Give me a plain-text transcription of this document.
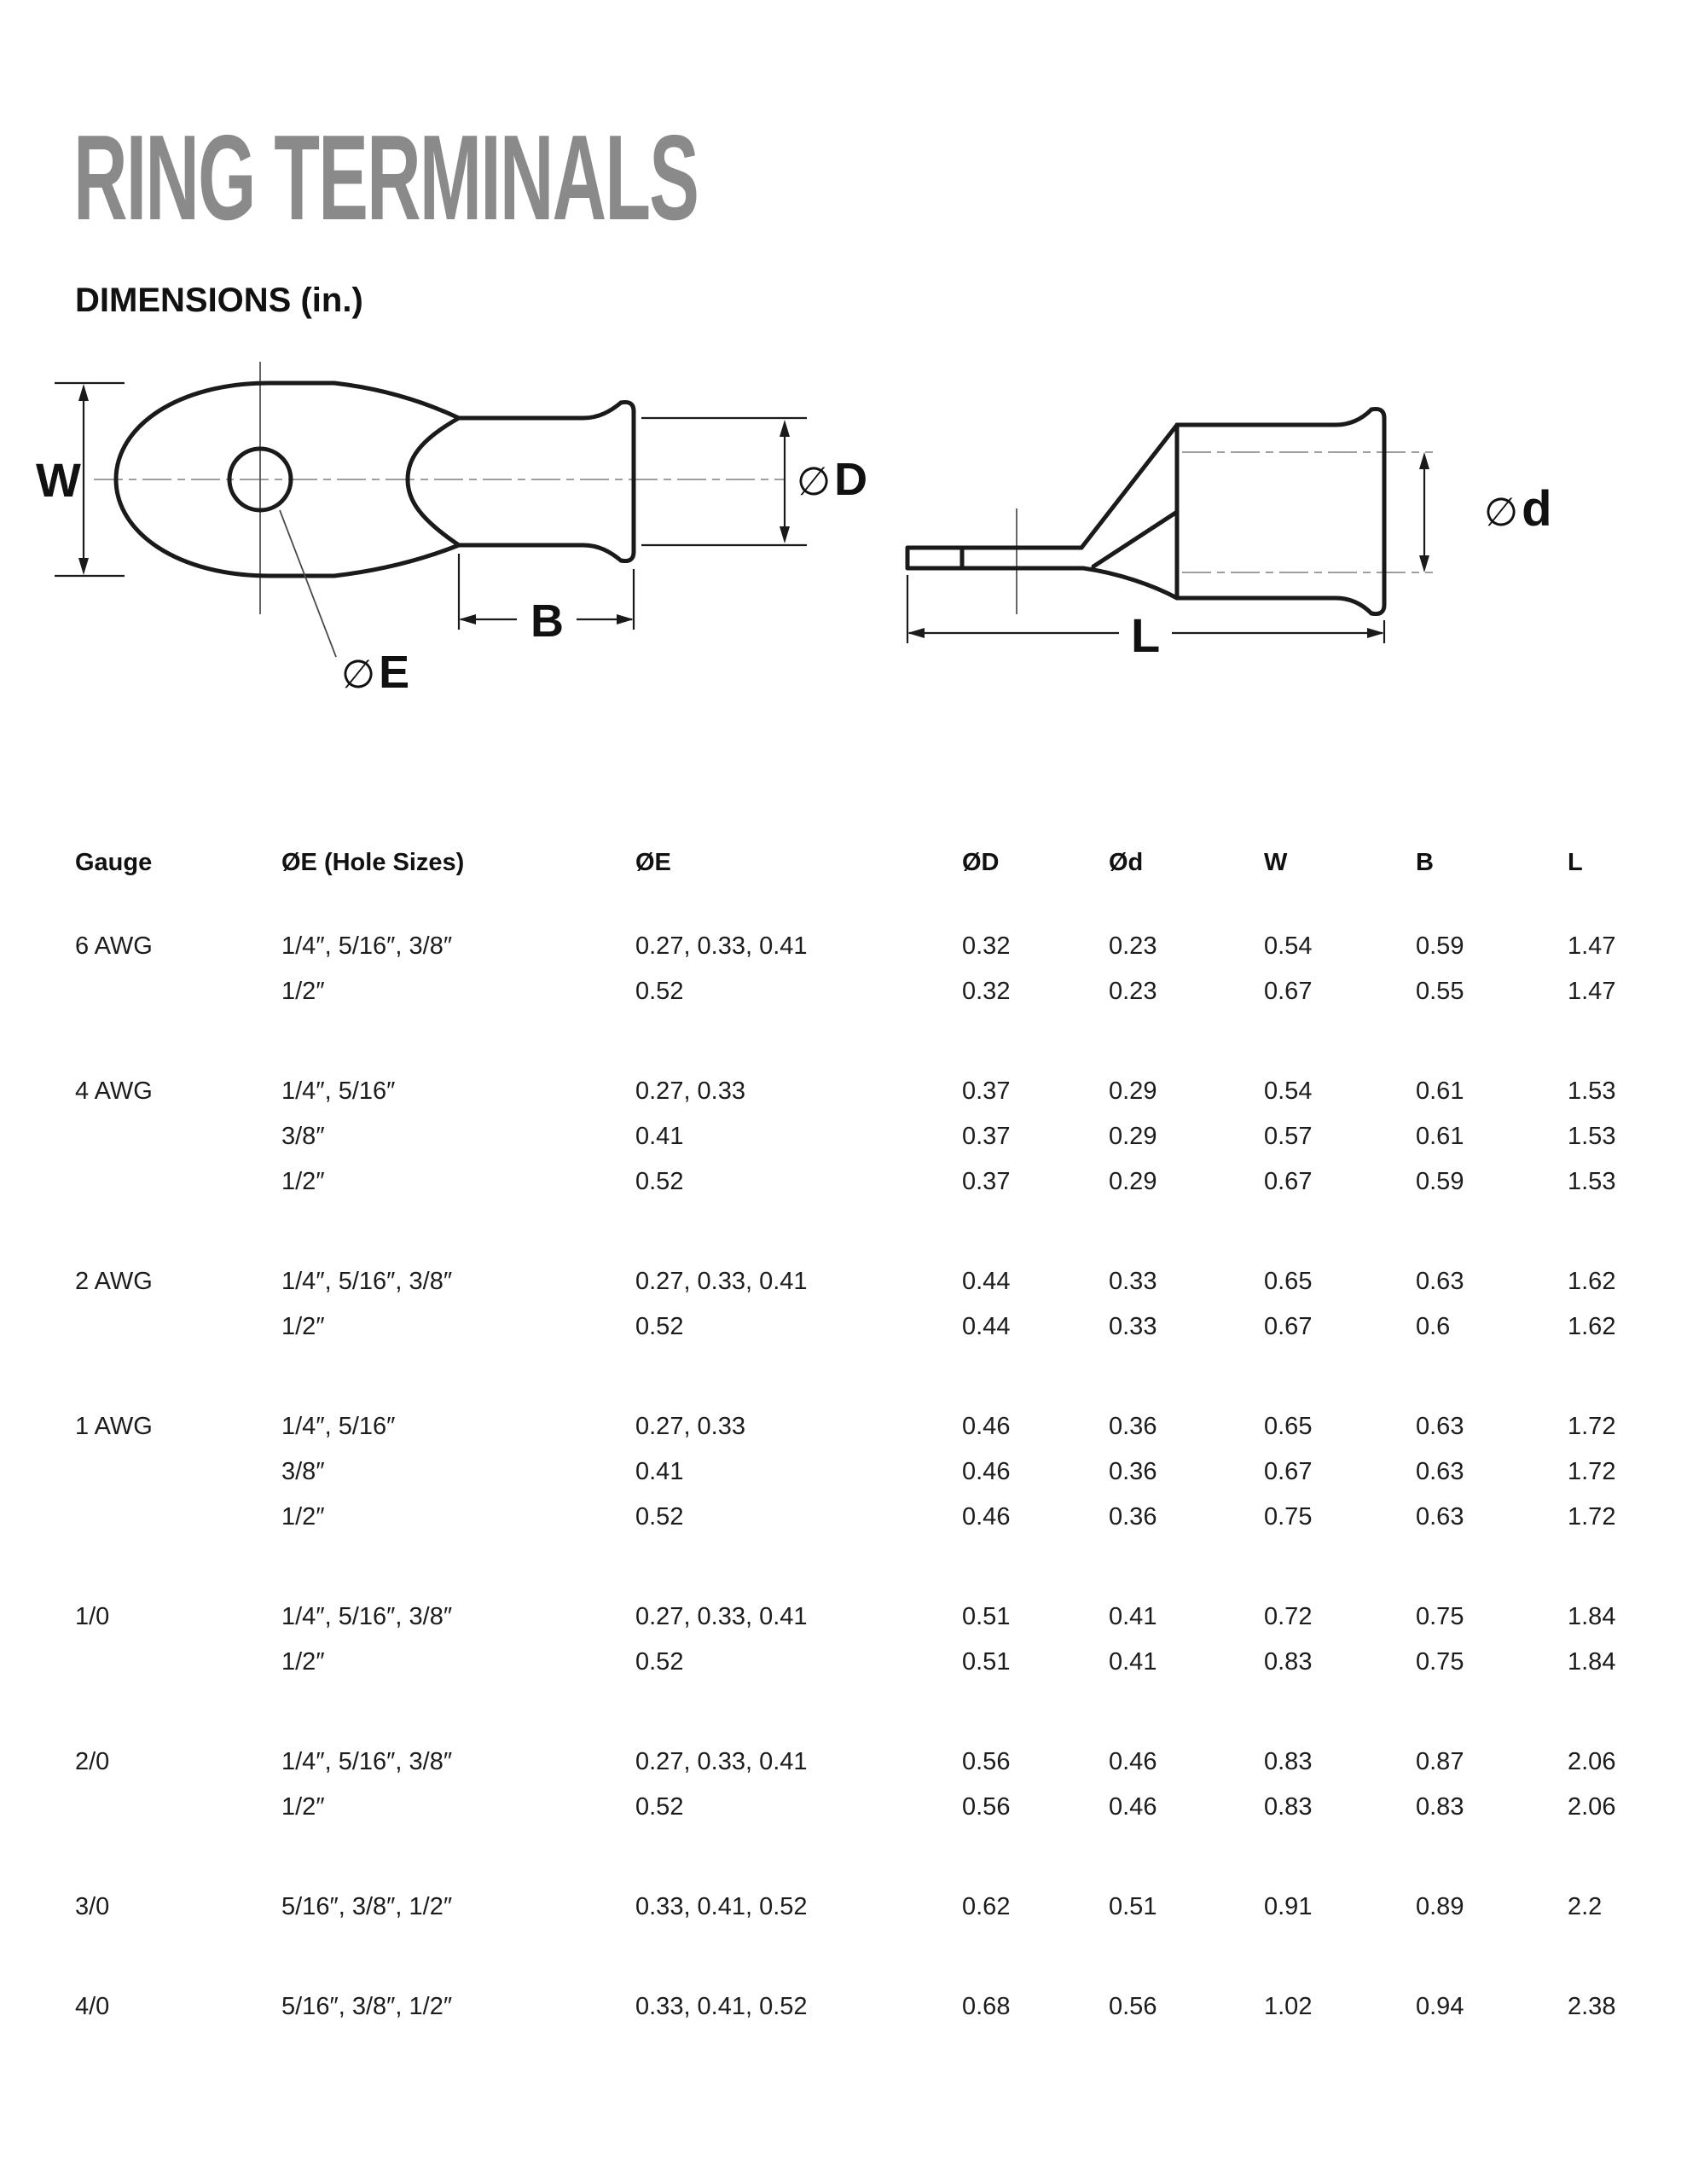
RING TERMINALS
DIMENSIONS (in.)
W	∅D
B
∅E
∅d
L
Gauge	ØE (Hole Sizes)	ØE	ØD	Ød	W	B	L
6 AWG	1/4″, 5/16″, 3/8″	0.27, 0.33, 0.41	0.32	0.23	0.54	0.59	1.47
1/2″	0.52	0.32	0.23	0.67	0.55	1.47
4 AWG	1/4″, 5/16″	0.27, 0.33	0.37	0.29	0.54	0.61	1.53
3/8″	0.41	0.37	0.29	0.57	0.61	1.53
1/2″	0.52	0.37	0.29	0.67	0.59	1.53
2 AWG	1/4″, 5/16″, 3/8″	0.27, 0.33, 0.41	0.44	0.33	0.65	0.63	1.62
1/2″	0.52	0.44	0.33	0.67	0.6	1.62
1 AWG	1/4″, 5/16″	0.27, 0.33	0.46	0.36	0.65	0.63	1.72
3/8″	0.41	0.46	0.36	0.67	0.63	1.72
1/2″	0.52	0.46	0.36	0.75	0.63	1.72
1/0	1/4″, 5/16″, 3/8″	0.27, 0.33, 0.41	0.51	0.41	0.72	0.75	1.84
1/2″	0.52	0.51	0.41	0.83	0.75	1.84
2/0	1/4″, 5/16″, 3/8″	0.27, 0.33, 0.41	0.56	0.46	0.83	0.87	2.06
1/2″	0.52	0.56	0.46	0.83	0.83	2.06
3/0	5/16″, 3/8″, 1/2″	0.33, 0.41, 0.52	0.62	0.51	0.91	0.89	2.2
4/0	5/16″, 3/8″, 1/2″	0.33, 0.41, 0.52	0.68	0.56	1.02	0.94	2.38
